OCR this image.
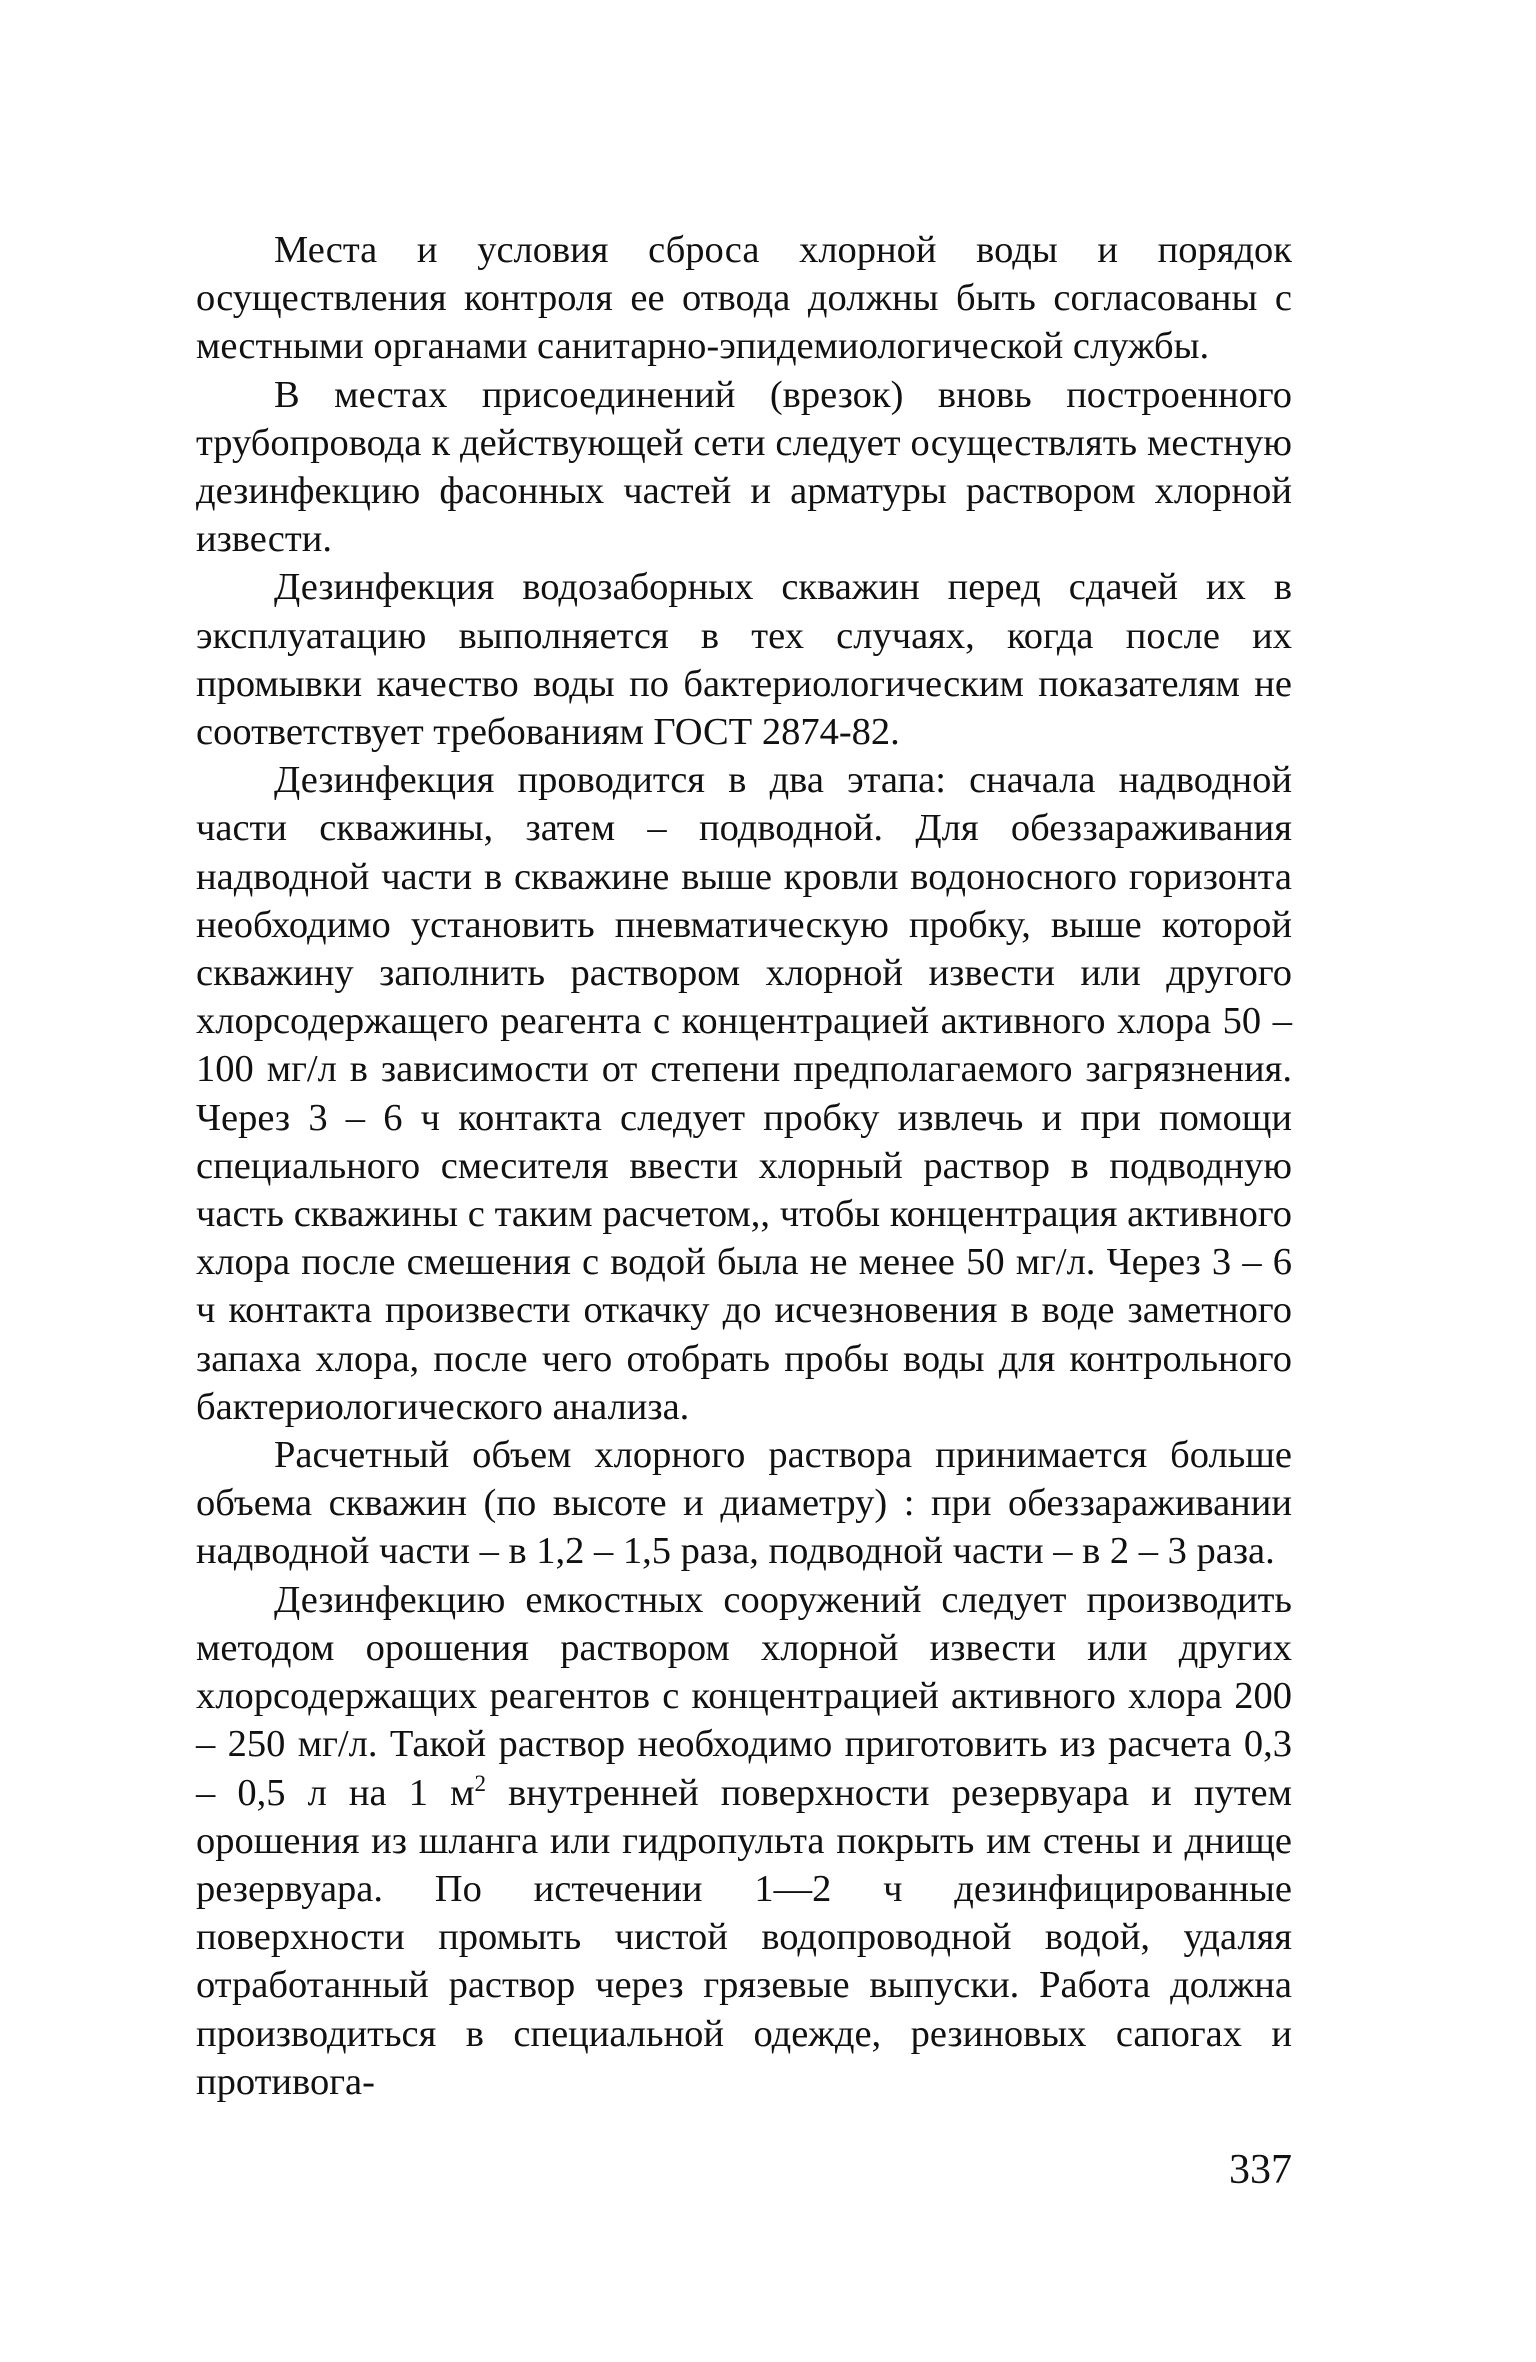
Места и условия сброса хлорной воды и порядок осуществления контроля ее отвода должны быть согласованы с местными органами санитарно-эпидемиологической службы.

В местах присоединений (врезок) вновь построенного трубопровода к действующей сети следует осуществлять местную дезинфекцию фасонных частей и арматуры раствором хлорной извести.

Дезинфекция водозаборных скважин перед сдачей их в эксплуатацию выполняется в тех случаях, когда после их промывки качество воды по бактериологическим показателям не соответствует требованиям ГОСТ 2874-82.

Дезинфекция проводится в два этапа: сначала надводной части скважины, затем – подводной. Для обеззараживания надводной части в скважине выше кровли водоносного горизонта необходимо установить пневматическую пробку, выше которой скважину заполнить раствором хлорной извести или другого хлорсодержащего реагента с концентрацией активного хлора 50 – 100 мг/л в зависимости от степени предполагаемого загрязнения. Через 3 – 6 ч контакта следует пробку извлечь и при помощи специального смесителя ввести хлорный раствор в подводную часть скважины с таким расчетом,, чтобы концентрация активного хлора после смешения с водой была не менее 50 мг/л. Через 3 – 6 ч контакта произвести откачку до исчезновения в воде заметного запаха хлора, после чего отобрать пробы воды для контрольного бактериологического анализа.

Расчетный объем хлорного раствора принимается больше объема скважин (по высоте и диаметру) : при обеззараживании надводной части – в 1,2 – 1,5 раза, подводной части – в 2 – 3 раза.

Дезинфекцию емкостных сооружений следует производить методом орошения раствором хлорной извести или других хлорсодержащих реагентов с концентрацией активного хлора 200 – 250 мг/л. Такой раствор необходимо приготовить из расчета 0,3 – 0,5 л на 1 $м^2$ внутренней поверхности резервуара и путем орошения из шланга или гидропульта покрыть им стены и днище резервуара. По истечении 1—2 ч дезинфицированные поверхности промыть чистой водопроводной водой, удаляя отработанный раствор через грязевые выпуски. Работа должна производиться в специальной одежде, резиновых сапогах и противога-

337
